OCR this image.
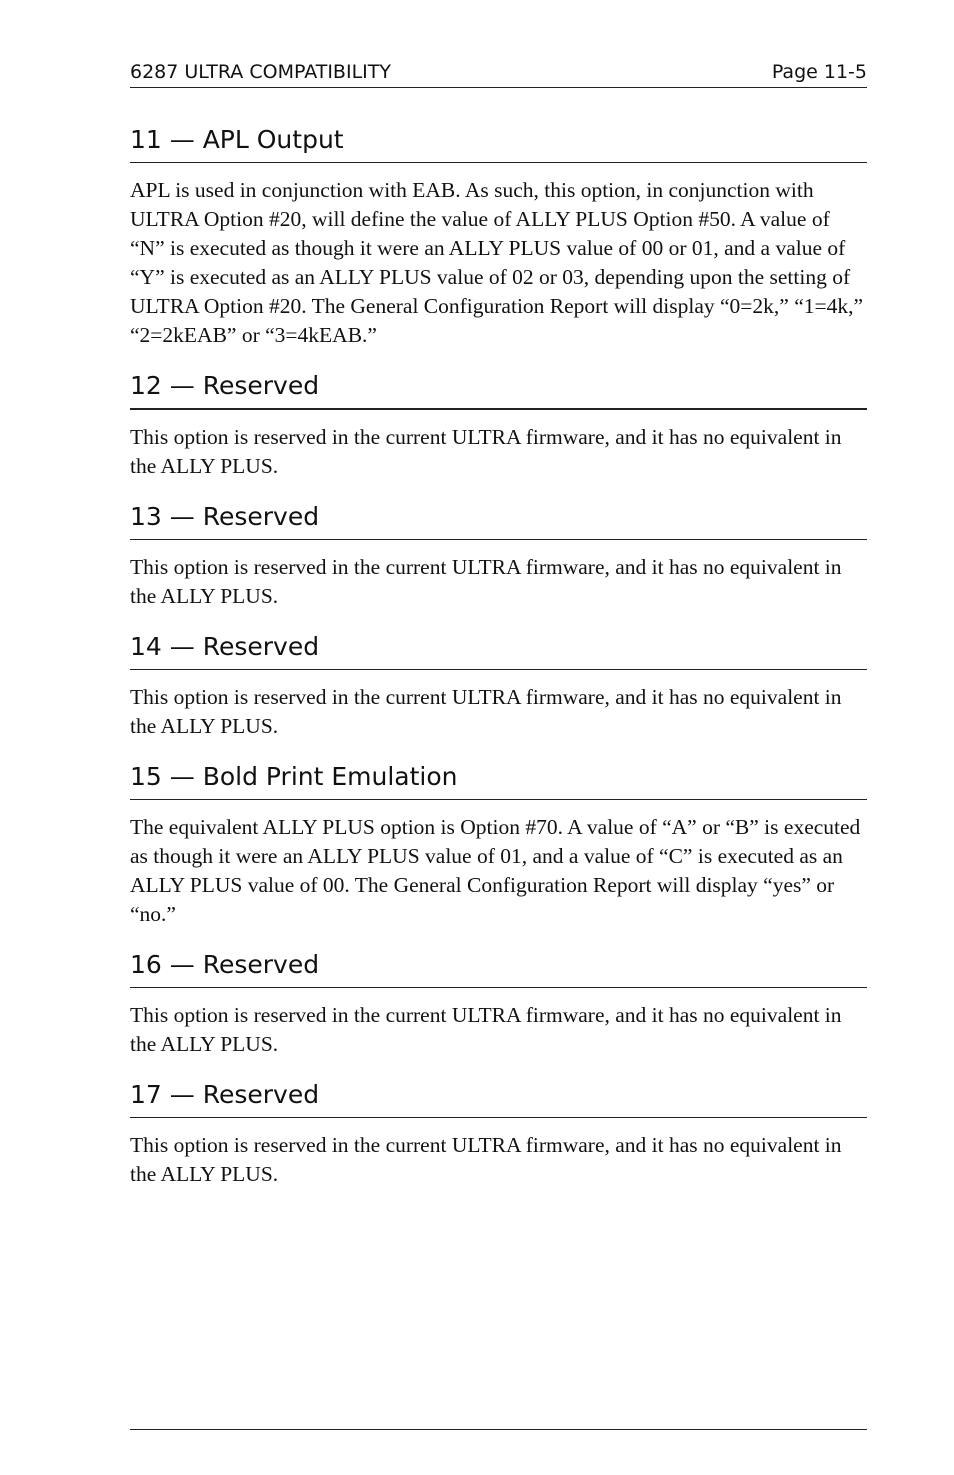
6287 ULTRA COMPATIBILITY	Page 11-5
11 — APL Output

APL is used in conjunction with EAB. As such, this option, in conjunction with ULTRA Option #20, will define the value of ALLY PLUS Option #50. A value of “N” is executed as though it were an ALLY PLUS value of 00 or 01, and a value of “Y” is executed as an ALLY PLUS value of 02 or 03, depending upon the setting of ULTRA Option #20. The General Configuration Report will display “0=2k,” “1=4k,” “2=2kEAB” or “3=4kEAB.”

12 — Reserved

This option is reserved in the current ULTRA firmware, and it has no equivalent in the ALLY PLUS.

13 — Reserved

This option is reserved in the current ULTRA firmware, and it has no equivalent in the ALLY PLUS.

14 — Reserved

This option is reserved in the current ULTRA firmware, and it has no equivalent in the ALLY PLUS.

15 — Bold Print Emulation

The equivalent ALLY PLUS option is Option #70. A value of “A” or “B” is executed as though it were an ALLY PLUS value of 01, and a value of “C” is executed as an ALLY PLUS value of 00. The General Configuration Report will display “yes” or “no.”

16 — Reserved

This option is reserved in the current ULTRA firmware, and it has no equivalent in the ALLY PLUS.

17 — Reserved

This option is reserved in the current ULTRA firmware, and it has no equivalent in the ALLY PLUS.
